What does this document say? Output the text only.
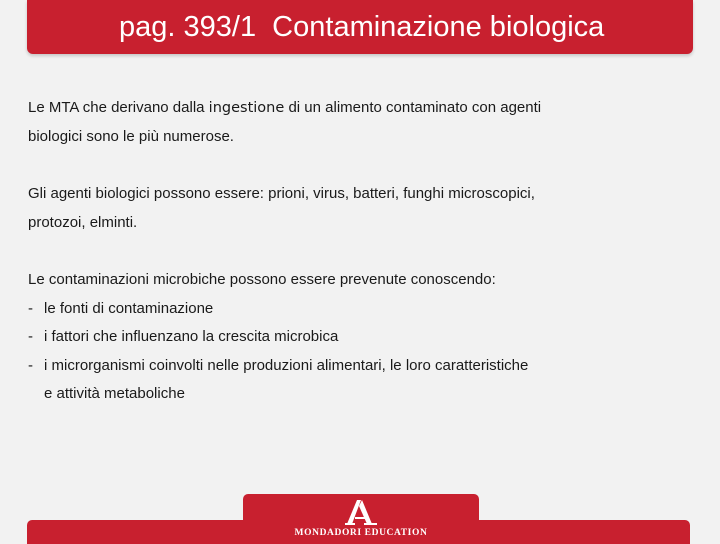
pag. 393/1  Contaminazione biologica

Le MTA che derivano dalla ingestione di un alimento contaminato con agenti

biologici sono le più numerose.

Gli agenti biologici possono essere: prioni, virus, batteri, funghi microscopici,

protozoi, elminti.

Le contaminazioni microbiche possono essere prevenute conoscendo:

- le fonti di contaminazione
- i fattori che influenzano la crescita microbica
- i microrganismi coinvolti nelle produzioni alimentari, le loro caratteristiche

e attività metaboliche

MONDADORI EDUCATION
